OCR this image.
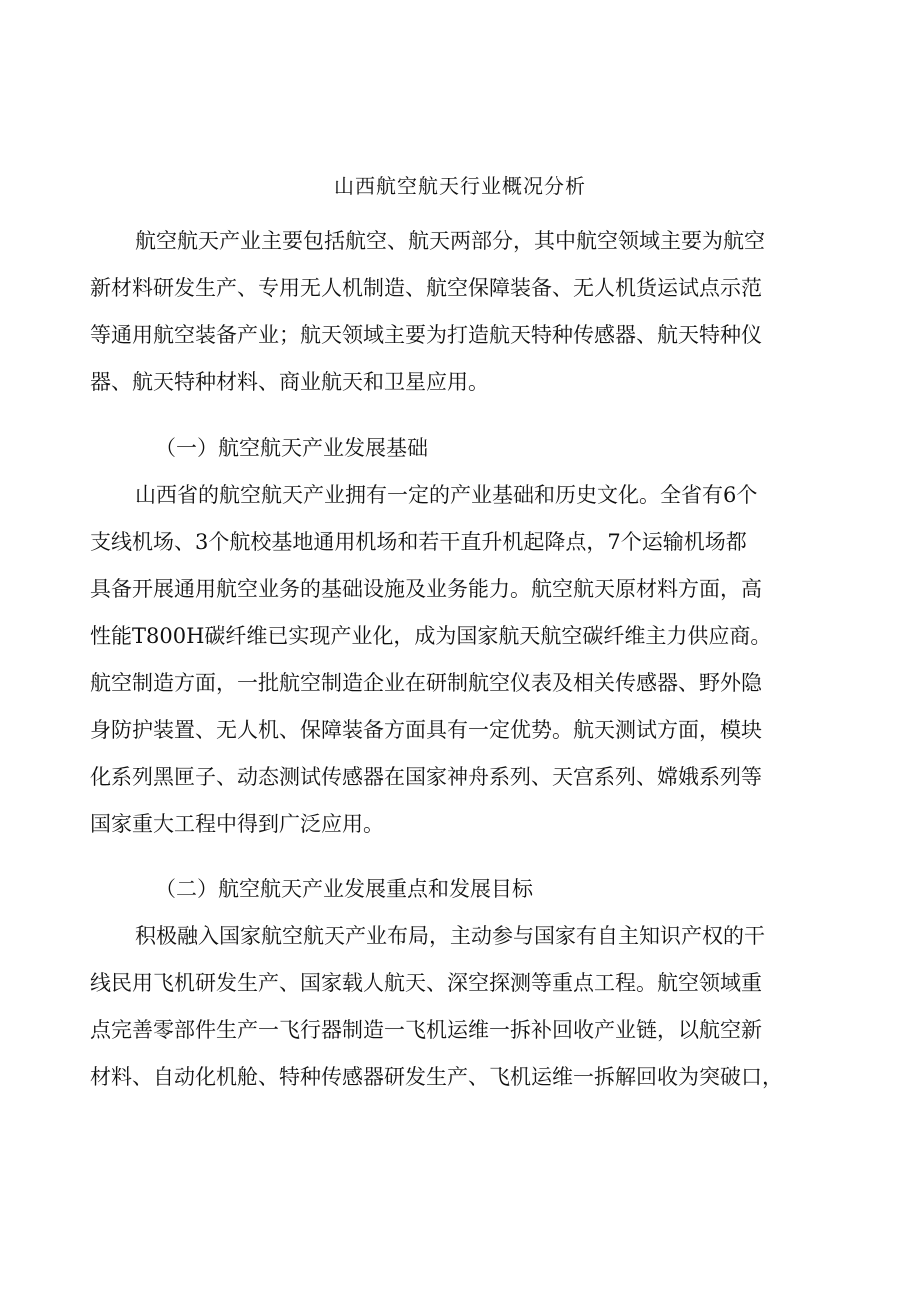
山西航空航天行业概况分析
航空航天产业主要包括航空、航天两部分，其中航空领域主要为航空
新材料研发生产、专用无人机制造、航空保障装备、无人机货运试点示范
等通用航空装备产业；航天领域主要为打造航天特种传感器、航天特种仪
器、航天特种材料、商业航天和卫星应用。
（一）航空航天产业发展基础
山西省的航空航天产业拥有一定的产业基础和历史文化。全省有6个
支线机场、3个航校基地通用机场和若干直升机起降点，7个运输机场都
具备开展通用航空业务的基础设施及业务能力。航空航天原材料方面，高
性能T800H碳纤维已实现产业化，成为国家航天航空碳纤维主力供应商。
航空制造方面，一批航空制造企业在研制航空仪表及相关传感器、野外隐
身防护装置、无人机、保障装备方面具有一定优势。航天测试方面，模块
化系列黑匣子、动态测试传感器在国家神舟系列、天宫系列、嫦娥系列等
国家重大工程中得到广泛应用。
（二）航空航天产业发展重点和发展目标
积极融入国家航空航天产业布局，主动参与国家有自主知识产权的干
线民用飞机研发生产、国家载人航天、深空探测等重点工程。航空领域重
点完善零部件生产一飞行器制造一飞机运维一拆补回收产业链，以航空新
材料、自动化机舱、特种传感器研发生产、飞机运维一拆解回收为突破口，
